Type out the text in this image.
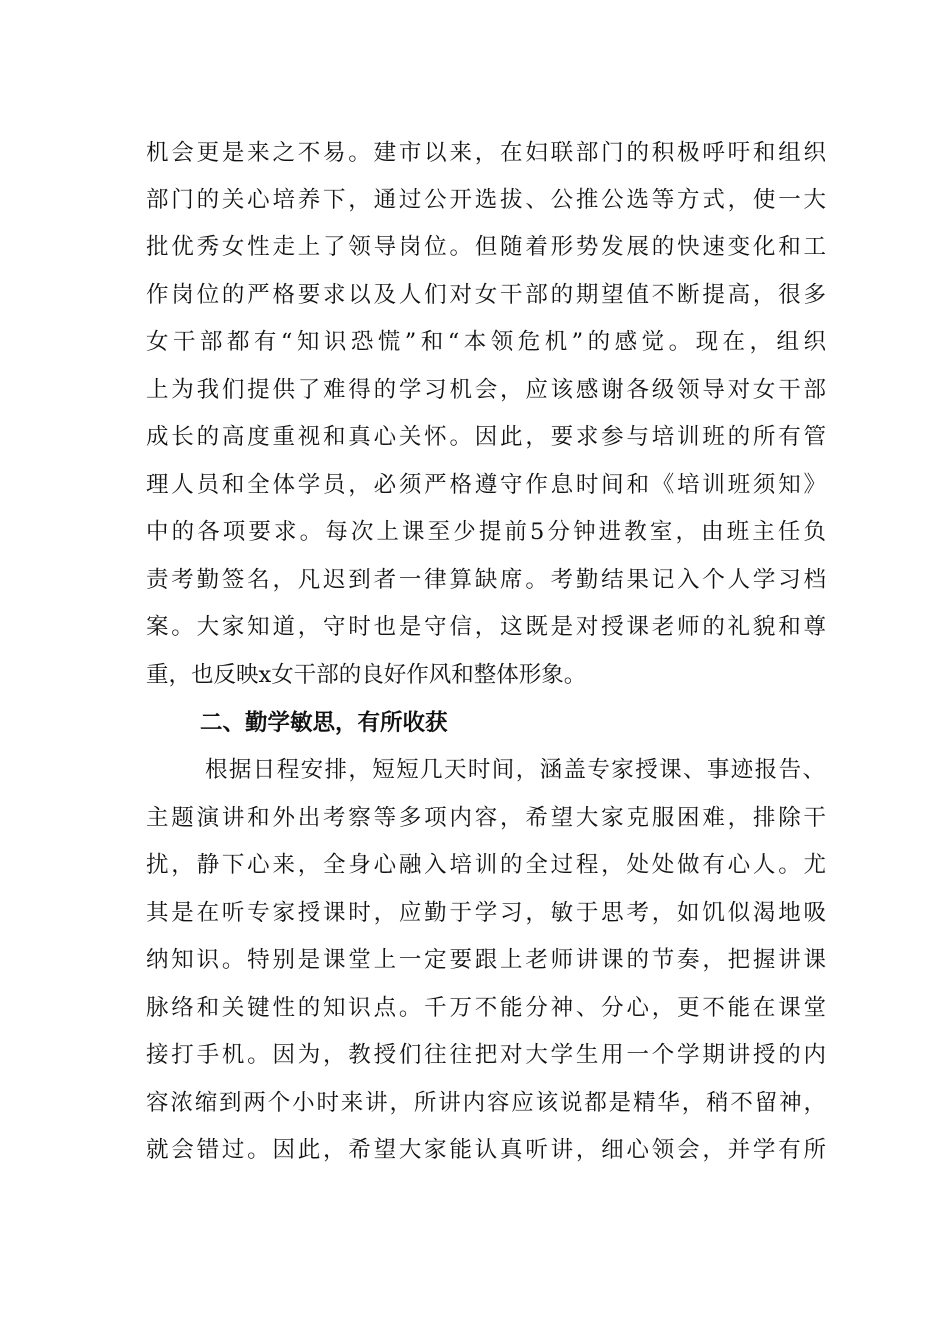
机会更是来之不易。建市以来，在妇联部门的积极呼吁和组织
部门的关心培养下，通过公开选拔、公推公选等方式，使一大
批优秀女性走上了领导岗位。但随着形势发展的快速变化和工
作岗位的严格要求以及人们对女干部的期望值不断提高，很多
女干部都有“知识恐慌”和“本领危机”的感觉。现在，组织
上为我们提供了难得的学习机会，应该感谢各级领导对女干部
成长的高度重视和真心关怀。因此，要求参与培训班的所有管
理人员和全体学员，必须严格遵守作息时间和《培训班须知》
中的各项要求。每次上课至少提前5分钟进教室，由班主任负
责考勤签名，凡迟到者一律算缺席。考勤结果记入个人学习档
案。大家知道，守时也是守信，这既是对授课老师的礼貌和尊
重，也反映x女干部的良好作风和整体形象。
二、勤学敏思，有所收获
根据日程安排，短短几天时间，涵盖专家授课、事迹报告、
主题演讲和外出考察等多项内容，希望大家克服困难，排除干
扰，静下心来，全身心融入培训的全过程，处处做有心人。尤
其是在听专家授课时，应勤于学习，敏于思考，如饥似渴地吸
纳知识。特别是课堂上一定要跟上老师讲课的节奏，把握讲课
脉络和关键性的知识点。千万不能分神、分心，更不能在课堂
接打手机。因为，教授们往往把对大学生用一个学期讲授的内
容浓缩到两个小时来讲，所讲内容应该说都是精华，稍不留神，
就会错过。因此，希望大家能认真听讲，细心领会，并学有所
